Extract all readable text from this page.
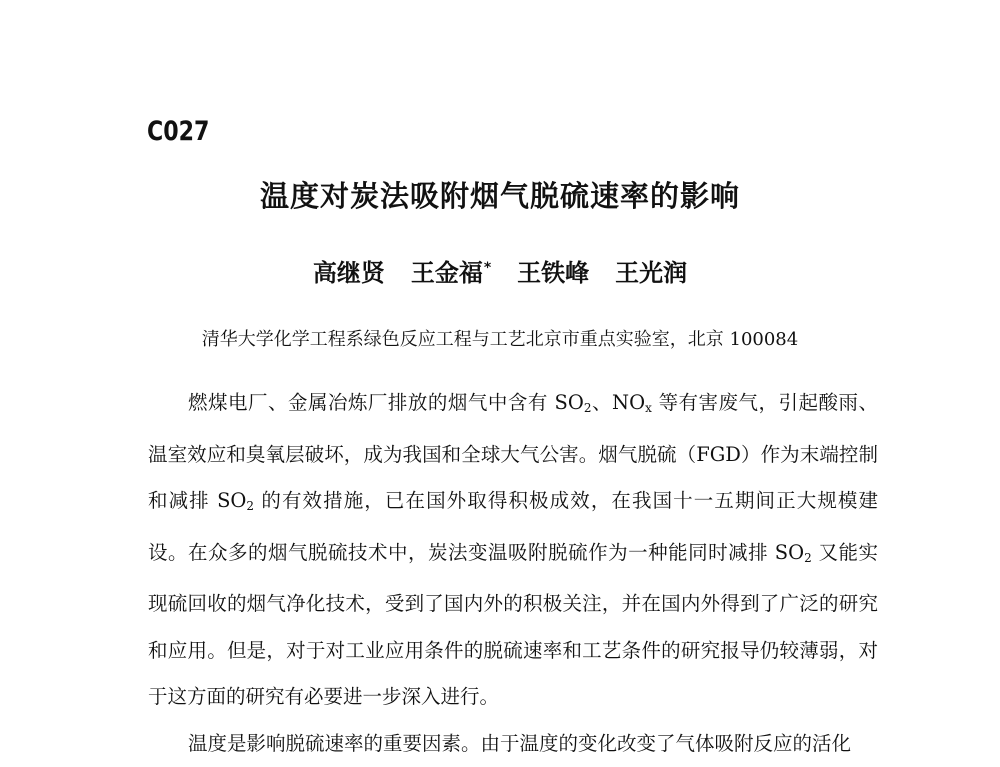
C027
温度对炭法吸附烟气脱硫速率的影响
高继贤 王金福* 王铁峰 王光润
清华大学化学工程系绿色反应工程与工艺北京市重点实验室，北京 100084

燃煤电厂、金属冶炼厂排放的烟气中含有 $SO_2$、$NO_x$ 等有害废气，引起酸雨、温室效应和臭氧层破坏，成为我国和全球大气公害。烟气脱硫（FGD）作为末端控制和减排 $SO_2$ 的有效措施，已在国外取得积极成效，在我国十一五期间正大规模建设。在众多的烟气脱硫技术中，炭法变温吸附脱硫作为一种能同时减排 $SO_2$ 又能实现硫回收的烟气净化技术，受到了国内外的积极关注，并在国内外得到了广泛的研究和应用。但是，对于对工业应用条件的脱硫速率和工艺条件的研究报导仍较薄弱，对于这方面的研究有必要进一步深入进行。

温度是影响脱硫速率的重要因素。由于温度的变化改变了气体吸附反应的活化
